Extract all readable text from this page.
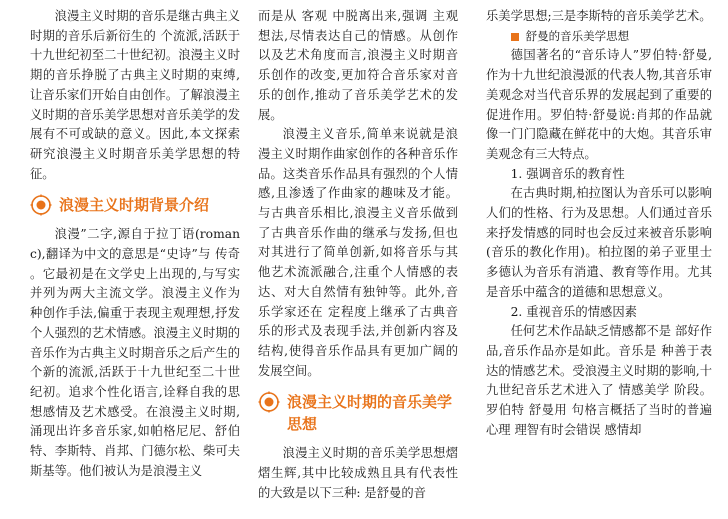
浪漫主义时期的音乐是继古典主义时期的音乐后新衍生的 个流派,活跃于十九世纪初至二十世纪初。浪漫主义时期的音乐挣脱了古典主义时期的束缚,让音乐家们开始自由创作。了解浪漫主义时期的音乐美学思想对音乐美学的发展有不可或缺的意义。因此,本文探索研究浪漫主义时期音乐美学思想的特征。

浪漫主义时期背景介绍

浪漫”二字,源自于拉丁语(romanc),翻译为中文的意思是“史诗”与 传奇 。它最初是在文学史上出现的,与写实并列为两大主流文学。浪漫主义作为 种创作手法,偏重于表现主观理想,抒发个人强烈的艺术情感。浪漫主义时期的音乐作为古典主义时期音乐之后产生的 个新的流派,活跃于十九世纪至二十世纪初。追求个性化语言,诠释自我的思想感情及艺术感受。在浪漫主义时期,涌现出许多音乐家,如帕格尼尼、舒伯特、李斯特、肖邦、门德尔松、柴可夫斯基等。他们被认为是浪漫主义

而是从 客观 中脱离出来,强调 主观 想法,尽情表达自己的情感。从创作以及艺术角度而言,浪漫主义时期音乐创作的改变,更加符合音乐家对音乐的创作,推动了音乐美学艺术的发展。

浪漫主义音乐,简单来说就是浪漫主义时期作曲家创作的各种音乐作品。这类音乐作品具有强烈的个人情感,且渗透了作曲家的趣味及才能。与古典音乐相比,浪漫主义音乐做到了古典音乐作曲的继承与发扬,但也对其进行了简单创新,如将音乐与其他艺术流派融合,注重个人情感的表达、对大自然情有独钟等。此外,音乐学家还在 定程度上继承了古典音乐的形式及表现手法,并创新内容及结构,使得音乐作品具有更加广阔的发展空间。

浪漫主义时期的音乐美学思想

浪漫主义时期的音乐美学思想熠熠生辉,其中比较成熟且具有代表性的大致是以下三种: 是舒曼的音

乐美学思想;三是李斯特的音乐美学艺术。

舒曼的音乐美学思想

德国著名的“音乐诗人”罗伯特·舒曼,作为十九世纪浪漫派的代表人物,其音乐审美观念对当代音乐界的发展起到了重要的促进作用。罗伯特·舒曼说:肖邦的作品就像一门门隐藏在鲜花中的大炮。其音乐审美观念有三大特点。

1. 强调音乐的教育性

在古典时期,柏拉图认为音乐可以影响人们的性格、行为及思想。人们通过音乐来抒发情感的同时也会反过来被音乐影响(音乐的教化作用)。柏拉图的弟子亚里士多德认为音乐有消遣、教育等作用。尤其是音乐中蕴含的道德和思想意义。

2. 重视音乐的情感因素

任何艺术作品缺乏情感都不是 部好作品,音乐作品亦是如此。音乐是 种善于表达的情感艺术。受浪漫主义时期的影响,十九世纪音乐艺术进入了 情感美学 阶段。罗伯特 舒曼用 句格言概括了当时的普遍心理 理智有时会错误 感情却
